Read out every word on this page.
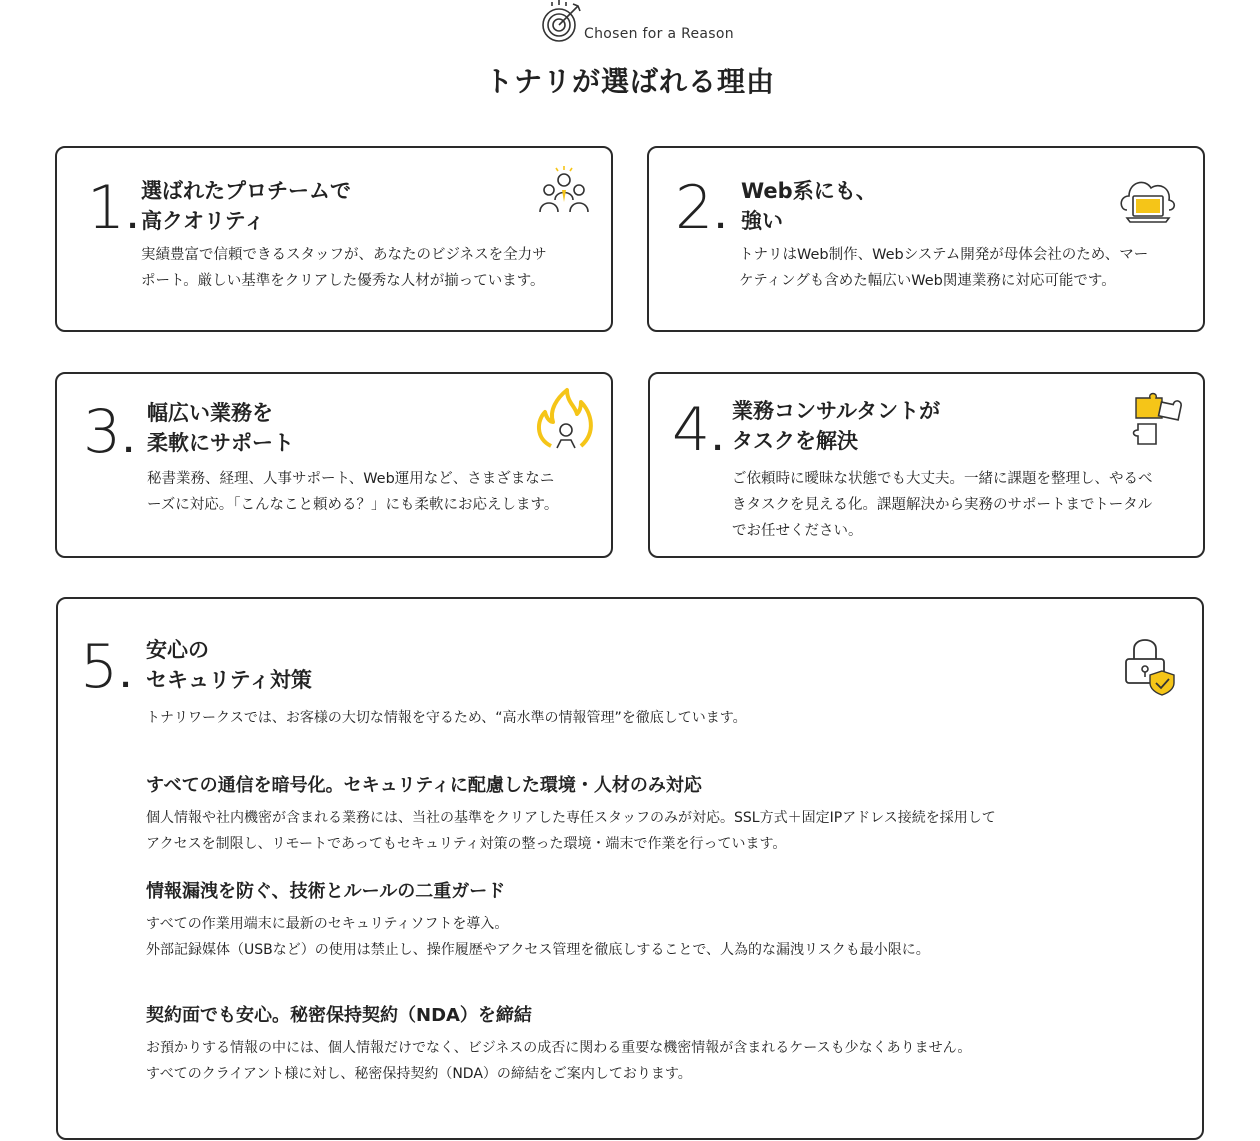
Chosen for a Reason
トナリが選ばれる理由
1.
選ばれたプロチームで
高クオリティ
実績豊富で信頼できるスタッフが、あなたのビジネスを全力サポート。厳しい基準をクリアした優秀な人材が揃っています。
2.
Web系にも、
強い
トナリはWeb制作、Webシステム開発が母体会社のため、マーケティングも含めた幅広いWeb関連業務に対応可能です。
3.
幅広い業務を
柔軟にサポート
秘書業務、経理、人事サポート、Web運用など、さまざまなニーズに対応。「こんなこと頼める？」にも柔軟にお応えします。
4.
業務コンサルタントが
タスクを解決
ご依頼時に曖昧な状態でも大丈夫。一緒に課題を整理し、やるべきタスクを見える化。課題解決から実務のサポートまでトータルでお任せください。
5.
安心の
セキュリティ対策
トナリワークスでは、お客様の大切な情報を守るため、“高水準の情報管理”を徹底しています。
すべての通信を暗号化。セキュリティに配慮した環境・人材のみ対応
個人情報や社内機密が含まれる業務には、当社の基準をクリアした専任スタッフのみが対応。SSL方式＋固定IPアドレス接続を採用して
アクセスを制限し、リモートであってもセキュリティ対策の整った環境・端末で作業を行っています。
情報漏洩を防ぐ、技術とルールの二重ガード
すべての作業用端末に最新のセキュリティソフトを導入。
外部記録媒体（USBなど）の使用は禁止し、操作履歴やアクセス管理を徹底しすることで、人為的な漏洩リスクも最小限に。
契約面でも安心。秘密保持契約（NDA）を締結
お預かりする情報の中には、個人情報だけでなく、ビジネスの成否に関わる重要な機密情報が含まれるケースも少なくありません。
すべてのクライアント様に対し、秘密保持契約（NDA）の締結をご案内しております。
